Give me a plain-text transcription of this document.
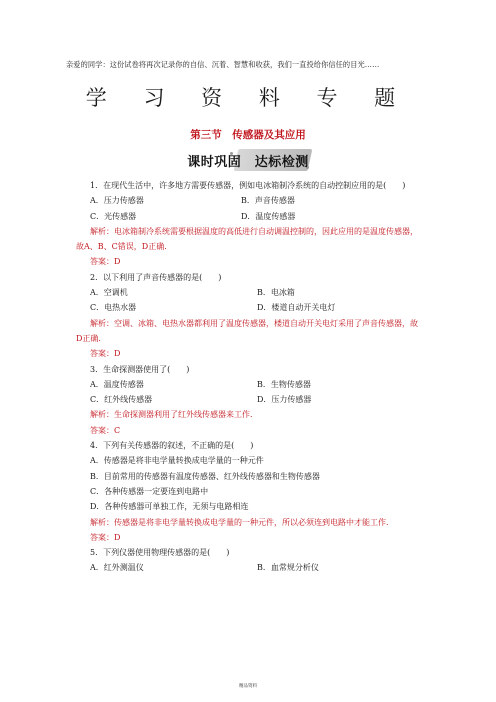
亲爱的同学：这份试卷将再次记录你的自信、沉着、智慧和收获，我们一直投给你信任的目光……
学 习 资 料 专 题
第三节　传感器及其应用
课时巩固　达标检测

1．在现代生活中，许多地方需要传感器，例如电冰箱制冷系统的自动控制应用的是(　　)

A．压力传感器	B．声音传感器
C．光传感器	D．温度传感器

解析：电冰箱制冷系统需要根据温度的高低进行自动调温控制的，因此应用的是温度传感器，故A、B、C错误，D正确．

答案：D

2．以下利用了声音传感器的是(　　)

A．空调机	B．电冰箱
C．电热水器	D．楼道自动开关电灯

解析：空调、冰箱、电热水器都利用了温度传感器，楼道自动开关电灯采用了声音传感器，故D正确．

答案：D

3．生命探测器使用了(　　)

A．温度传感器	B．生物传感器
C．红外线传感器	D．压力传感器

解析：生命探测器利用了红外线传感器来工作．

答案：C

4．下列有关传感器的叙述，不正确的是(　　)

A．传感器是将非电学量转换成电学量的一种元件

B．目前常用的传感器有温度传感器、红外线传感器和生物传感器

C．各种传感器一定要连到电路中

D．各种传感器可单独工作，无须与电路相连

解析：传感器是将非电学量转换成电学量的一种元件，所以必须连到电路中才能工作．

答案：D

5．下列仪器使用物理传感器的是(　　)

A．红外测温仪	B．血常规分析仪
精品资料
